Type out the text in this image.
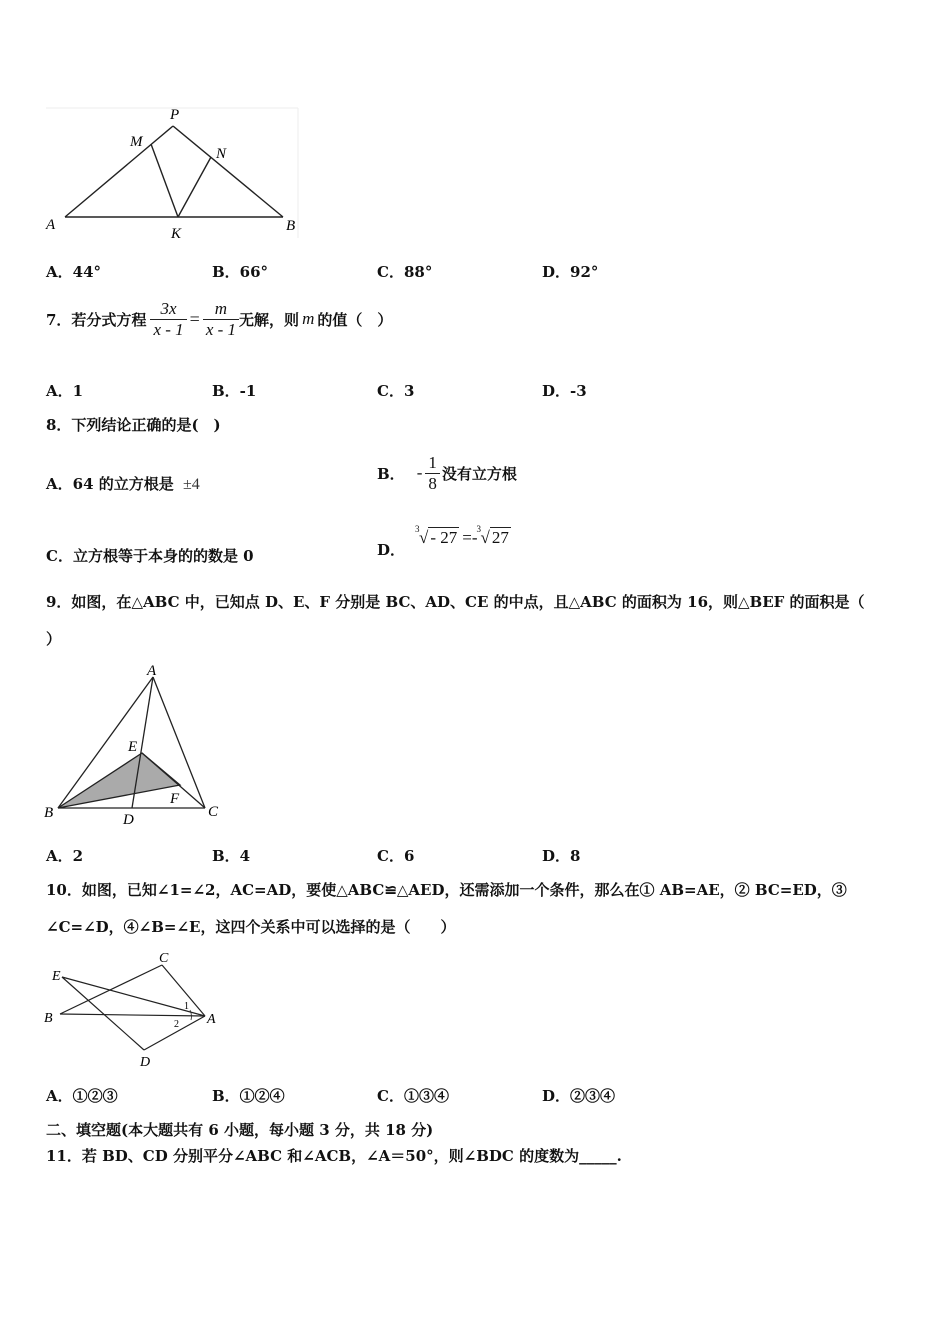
P
M
N
A
K	B
A．44°	B．66°	C．88°	D．92°
7．若分式方程 $\frac{3x}{x - 1} = \frac{m}{x - 1}$ 无解，则 m 的值（　）
A．1	B．-1	C．3	D．-3
8．下列结论正确的是(　)
A．64 的立方根是 ±4
B． - $\frac{1}{8}$ 没有立方根
C．立方根等于本身的的数是 0	D．
3 √ - 27 =- 3 √ 27
9．如图，在△ABC 中，已知点 D、E、F 分别是 BC、AD、CE 的中点，且△ABC 的面积为 16，则△BEF 的面积是（
）
A
E
F
B	D	C
A．2	B．4	C．6	D．8
10．如图，已知∠1=∠2，AC=AD，要使△ABC≌△AED，还需添加一个条件，那么在① AB=AE，② BC=ED，③
∠C=∠D，④∠B=∠E，这四个关系中可以选择的是（　　）
E
C
B	A
D
1
2
A．①②③	B．①②④	C．①③④	D．②③④
二、填空题(本大题共有 6 小题，每小题 3 分，共 18 分)
11．若 BD、CD 分别平分∠ABC 和∠ACB，∠A＝50°，则∠BDC 的度数为_____.
